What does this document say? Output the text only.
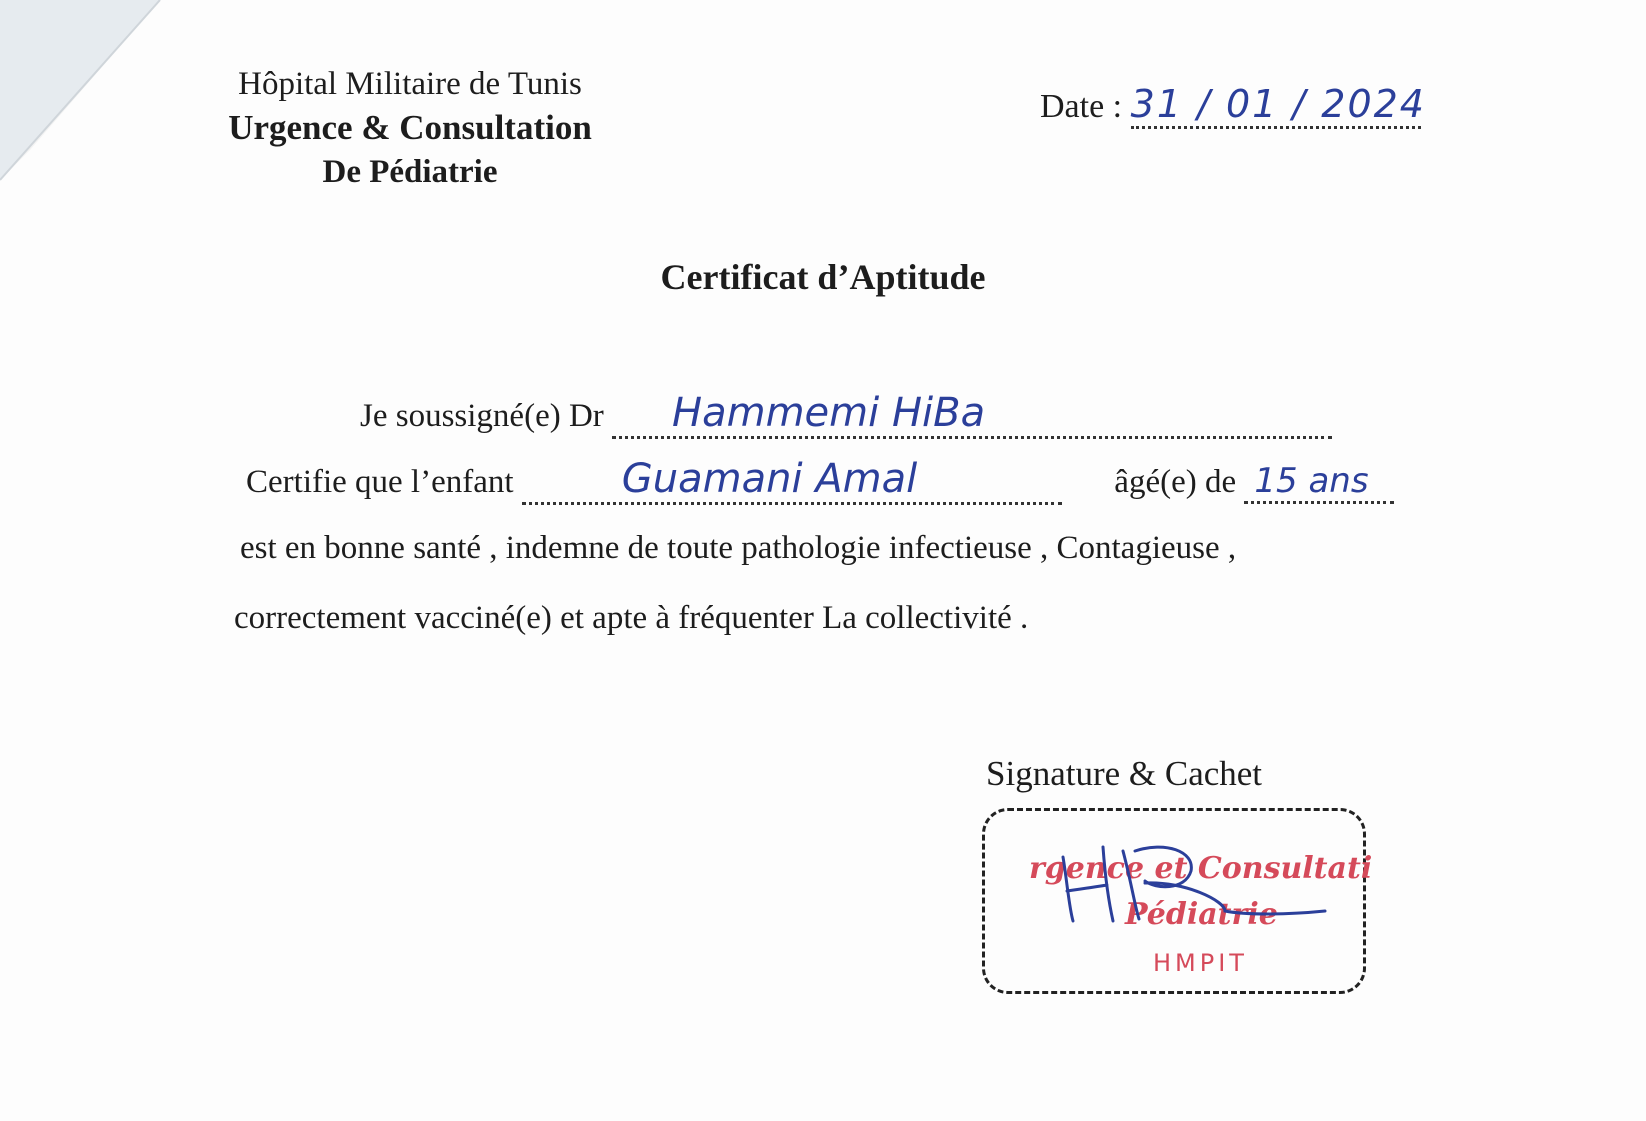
Hôpital Militaire de Tunis
Urgence & Consultation
De Pédiatrie
Date : 31 / 01 / 2024
Certificat d’Aptitude
Je soussigné(e) Dr Hammemi HiBa
Certifie que l’enfant	Guamani Amal	âgé(e) de 15 ans
est en bonne santé , indemne de toute pathologie infectieuse , Contagieuse ,
correctement vacciné(e) et apte à fréquenter La collectivité .
Signature & Cachet
rgence et Consultati
Pédiatrie
HMPIT
